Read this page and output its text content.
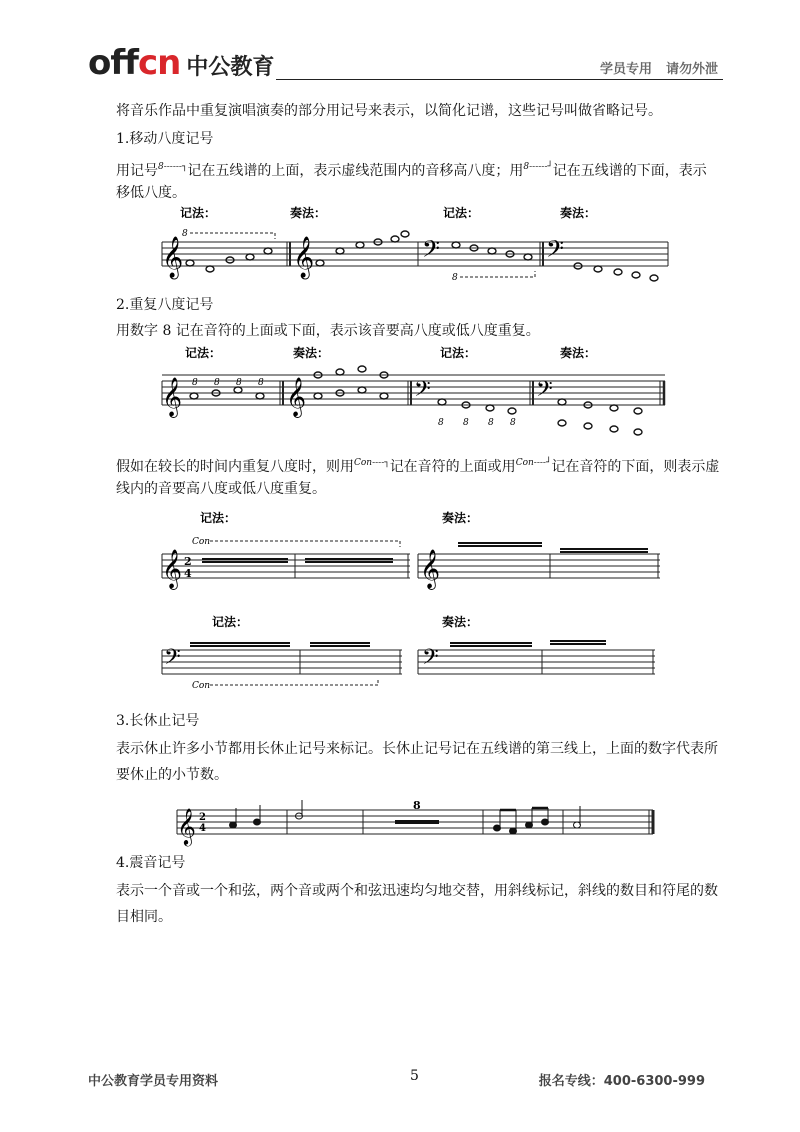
offcn 中公教育	学员专用 请勿外泄
将音乐作品中重复演唱演奏的部分用记号来表示，以简化记谱，这些记号叫做省略记号。
1.移动八度记号
用记号8------┐记在五线谱的上面，表示虚线范围内的音移高八度；用8------┘记在五线谱的下面，表示
移低八度。
记法：	奏法：	记法：	奏法：
𝄞	𝄞	𝄢	𝄢
8
8
2.重复八度记号
用数字 8 记在音符的上面或下面，表示该音要高八度或低八度重复。
记法：	奏法：	记法：	奏法：
𝄞	𝄞	𝄢	𝄢
8 8 8 8
8 8 8 8
假如在较长的时间内重复八度时，则用Con----┐记在音符的上面或用Con----┘记在音符的下面，则表示虚
线内的音要高八度或低八度重复。
记法：	奏法：
Con
𝄞 2
4	𝄞
记法：	奏法：
𝄢	𝄢
Con
3.长休止记号
表示休止许多小节都用长休止记号来标记。长休止记号记在五线谱的第三线上，上面的数字代表所
要休止的小节数。
𝄞 2
4
8
4.震音记号
表示一个音或一个和弦，两个音或两个和弦迅速均匀地交替，用斜线标记，斜线的数目和符尾的数
目相同。
中公教育学员专用资料	5	报名专线：400-6300-999
